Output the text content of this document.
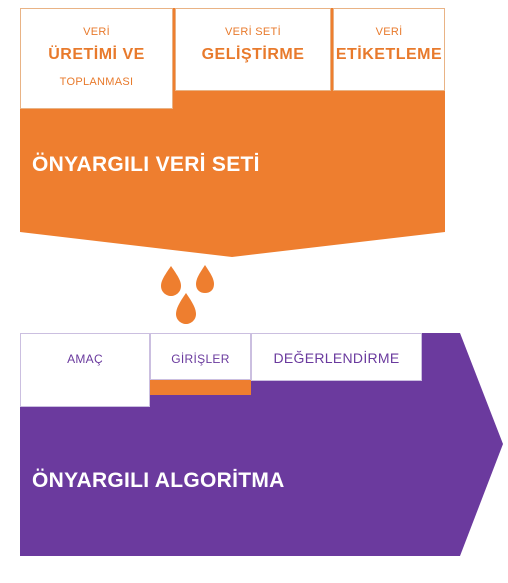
VERİ
ÜRETİMİ VE
TOPLANMASI
VERİ SETİ
GELİŞTİRME
VERİ
ETİKETLEME
ÖNYARGILI VERİ SETİ
AMAÇ	GİRİŞLER	DEĞERLENDİRME
ÖNYARGILI ALGORİTMA
